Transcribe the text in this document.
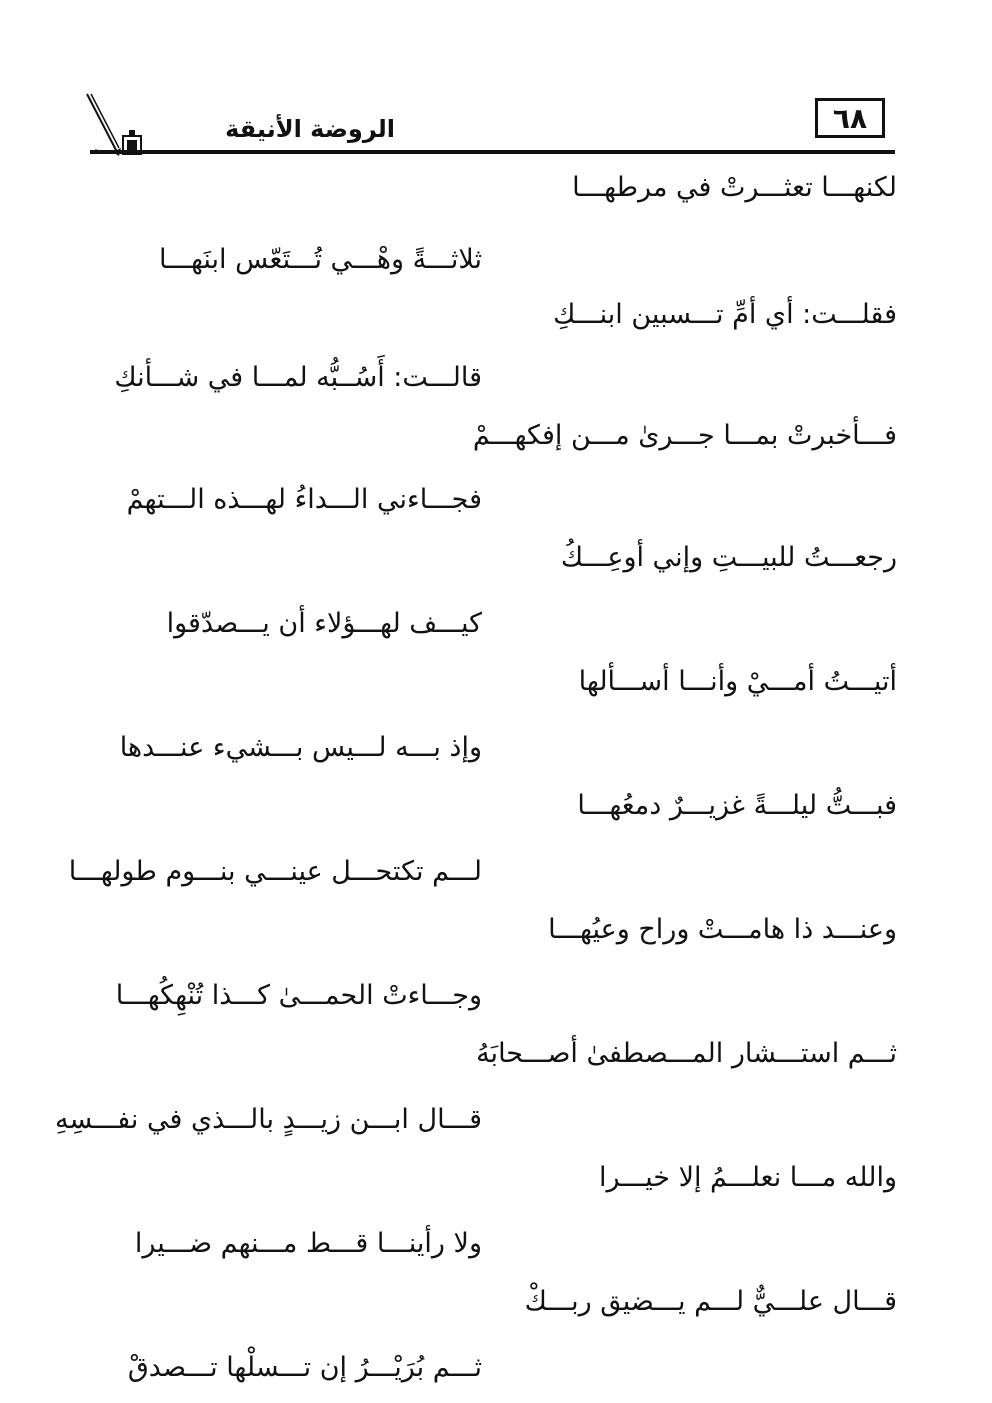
٦٨
الروضة الأنيقة
لكنهـــا تعثـــرتْ في مرطهـــا
ثلاثـــةً وهْـــي تُـــتَعّس ابنَهـــا
فقلـــت: أي أمِّ تـــسبين ابنـــكِ
قالـــت: أَسُــبُّه لمـــا في شـــأنكِ
فـــأخبرتْ بمـــا جـــرىٰ مـــن إفكهـــمْ
فجـــاءني الـــداءُ لهـــذه الـــتهمْ
رجعـــتُ للبيـــتِ وإني أوعِـــكُ
كيـــف لهـــؤلاء أن يـــصدّقوا
أتيـــتُ أمـــيْ وأنـــا أســـألها
وإذ بـــه لـــيس بـــشيء عنـــدها
فبـــتُّ ليلـــةً غزيـــرٌ دمعُهـــا
لـــم تكتحـــل عينـــي بنـــوم طولهـــا
وعنـــد ذا هامـــتْ وراح وعيُهـــا
وجـــاءتْ الحمـــىٰ كـــذا تُنْهِكُهـــا
ثـــم استـــشار المـــصطفىٰ أصـــحابَهُ
قـــال ابـــن زيـــدٍ بالـــذي في نفـــسِهِ
والله مـــا نعلـــمُ إلا خيـــرا
ولا رأينـــا قـــط مـــنهم ضـــيرا
قـــال علـــيٌّ لـــم يـــضيق ربـــكْ
ثـــم بُرَيْـــرُ إن تـــسلْها تـــصدقْ
